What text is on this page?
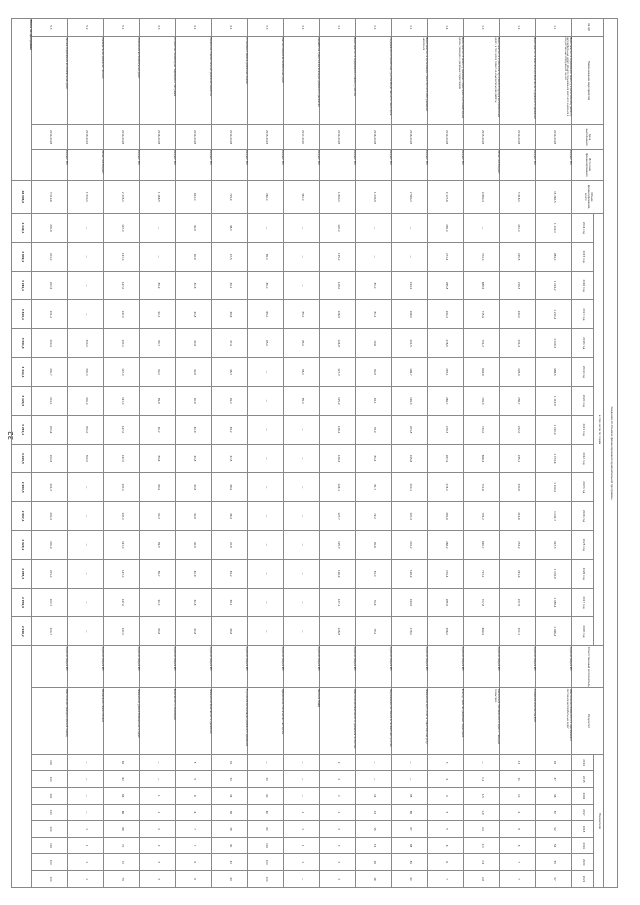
32	Сведения об объемах финансирования муниципальной программы																													
№ п/п	Наименование мероприятия	Срок выполнения	Источник финансирования	Объем финансирования, всего	в том числе по годам															Ответственный исполнитель	Результат	Показатели							
					2014 год	2015 год	2016 год	2017 год	2018 год	2019 год	2020 год	2021 год	2022 год	2023 год	2024 год	2025 год	2026 год	2027 год	2028 год			2014	2015	2016	2017	2018	2019	2020	2021
1.1	Мероприятия по содержанию, ремонту и капитальному ремонту автомобильных дорог общего пользования местного значения и искусственных сооружений на них	2014-2028	Бюджет МО	15 262,5	1 102,0	984,0	1 024,2	1 210,4	1 008,3	986,5	1 115,8	1 020,9	1 074,6	1 109,2	1 041,7	997,3	1 032,8	1 088,4	1 066,4	Администрация МО	Обеспечение сохранности и надлежащего состояния автомобильных дорог	45	47	48	50	52	54	55	57
1.2	Мероприятия по обеспечению безопасности дорожного движения	2014-2028	Бюджет МО	3 418,0	210,0	225,5	218,3	240,0	231,4	228,9	236,7	222,0	245,1	230,8	219,6	233,2	241,9	227,5	207,1	Администрация МО	Снижение количества ДТП	12	11	10	9	8	8	7	7
1.3	Мероприятия по строительству и реконструкции автомобильных дорог, в том числе проектно-изыскательские работы	2015-2028	Областной бюджет	9 860,4	—	702,0	688,5	715,9	701,2	694,8	709,3	720,0	698,4	711,6	705,2	690,7	713,1	707,8	699,9	Администрация МО	Увеличение протяженности дорог с твердым покрытием	—	1,2	1,5	1,8	2,0	2,3	2,5	2,8
1.4	Мероприятия по ремонту дворовых территорий многоквартирных домов, проездов к дворовым территориям	2014-2028	Бюджет МО	4 127,6	280,0	271,4	265,8	290,2	276,5	283,1	269,7	278,3	287,9	274,0	281,6	268,2	279,4	285,5	256,0	Администрация МО	Благоустройство дворовых территорий	3	4	4	5	5	6	6	7
2.1	Мероприятия по организации транспортного обслуживания населения	2016-2028	Бюджет МО	2 560,2	—	—	194,2	198,0	201,5	196,7	199,3	203,8	195,6	200,1	197,4	202,2	198,9	194,5	178,0	Администрация МО	Повышение доступности транспортных услуг	—	—	85	86	87	88	89	90
2.2	Содержание остановочных пунктов общественного транспорта	2016-2028	Бюджет МО	1 043,8	—	—	80,0	81,2	79,6	80,8	82,1	78,9	80,4	81,7	79,2	80,6	81,3	79,8	78,2	Администрация МО	Надлежащее состояние остановочных пунктов	—	—	14	14	15	15	16	16
3.1	Мероприятия по содержанию и ремонту мостов	2014-2028	Бюджет МО	1 890,0	120,0	125,0	128,0	126,5	124,8	127,3	125,9	126,2	128,4	124,1	127,7	125,3	126,9	127,1	126,8	Администрация МО	Обеспечение безопасности движения по мостам	2	2	2	2	3	3	3	3
3.2	Разработка проектов организации дорожного движения	2017-2020	Бюджет МО	340,0	—	—	—	85,0	85,0	85,0	85,0	—	—	—	—	—	—	—	—	Администрация МО	Наличие ПОДД	—	—	—	1	1	1	1	—
3.3	Паспортизация автомобильных дорог	2015-2018	Бюджет МО	260,0	—	65,0	65,0	65,0	65,0	—	—	—	—	—	—	—	—	—	—	Администрация МО	Оформление технических паспортов	—	20	40	60	80	100	100	100
4.1	Установка и замена дорожных знаков	2014-2028	Бюджет МО	725,4	48,0	47,5	49,1	48,6	47,9	48,3	49,0	48,2	47,8	48,9	48,4	47,6	49,2	48,1	48,8	Администрация МО	Улучшение организации дорожного движения	30	32	34	36	38	40	42	44
4.2	Нанесение горизонтальной дорожной разметки	2014-2028	Бюджет МО	612,0	40,8	40,8	40,8	40,8	40,8	40,8	40,8	40,8	40,8	40,8	40,8	40,8	40,8	40,8	40,8	Администрация МО	Повышение безопасности движения	5	5	6	6	7	7	8	8
4.3	Устройство пешеходных переходов и тротуаров	2016-2028	Бюджет МО	1 168,5	—	—	89,9	90,1	89,7	90,0	89,8	90,2	89,6	89,9	90,3	89,5	89,7	90,0	89,8	Администрация МО	Безопасность пешеходов	—	—	1	1	2	2	3	3
5.1	Освещение автомобильных дорог	2014-2028	Бюджет МО	2 205,0	147,0	147,0	147,0	147,0	147,0	147,0	147,0	147,0	147,0	147,0	147,0	147,0	147,0	147,0	147,0	Администрация МО	Повышение уровня освещенности дорог	60	62	64	66	68	70	72	74
5.2	Приобретение дорожной техники	2018-2022	Областной бюджет	1 500,0	—	—	—	—	300,0	300,0	300,0	300,0	300,0	—	—	—	—	—	—	Администрация МО	Обновление парка техники	—	—	—	—	1	1	1	1
5.3	Зимнее содержание автомобильных дорог	2014-2028	Бюджет МО	3 012,6	200,8	201,0	200,5	201,2	200,9	200,7	201,1	200,6	200,8	201,3	200,4	200,9	201,0	200,7	200,7	Администрация МО	Обеспечение проезда в зимний период	100	100	100	100	100	100	100	100
Итого по программе				48 006,0	2 149,4	2 809,2	3 281,1	3 619,4	3 591,6	3 342,4	3 420,5	3 252,1	3 045,5	2 990,5	2 967,4	2 929,1	2 955,3	2 978,9	2 928,2										
